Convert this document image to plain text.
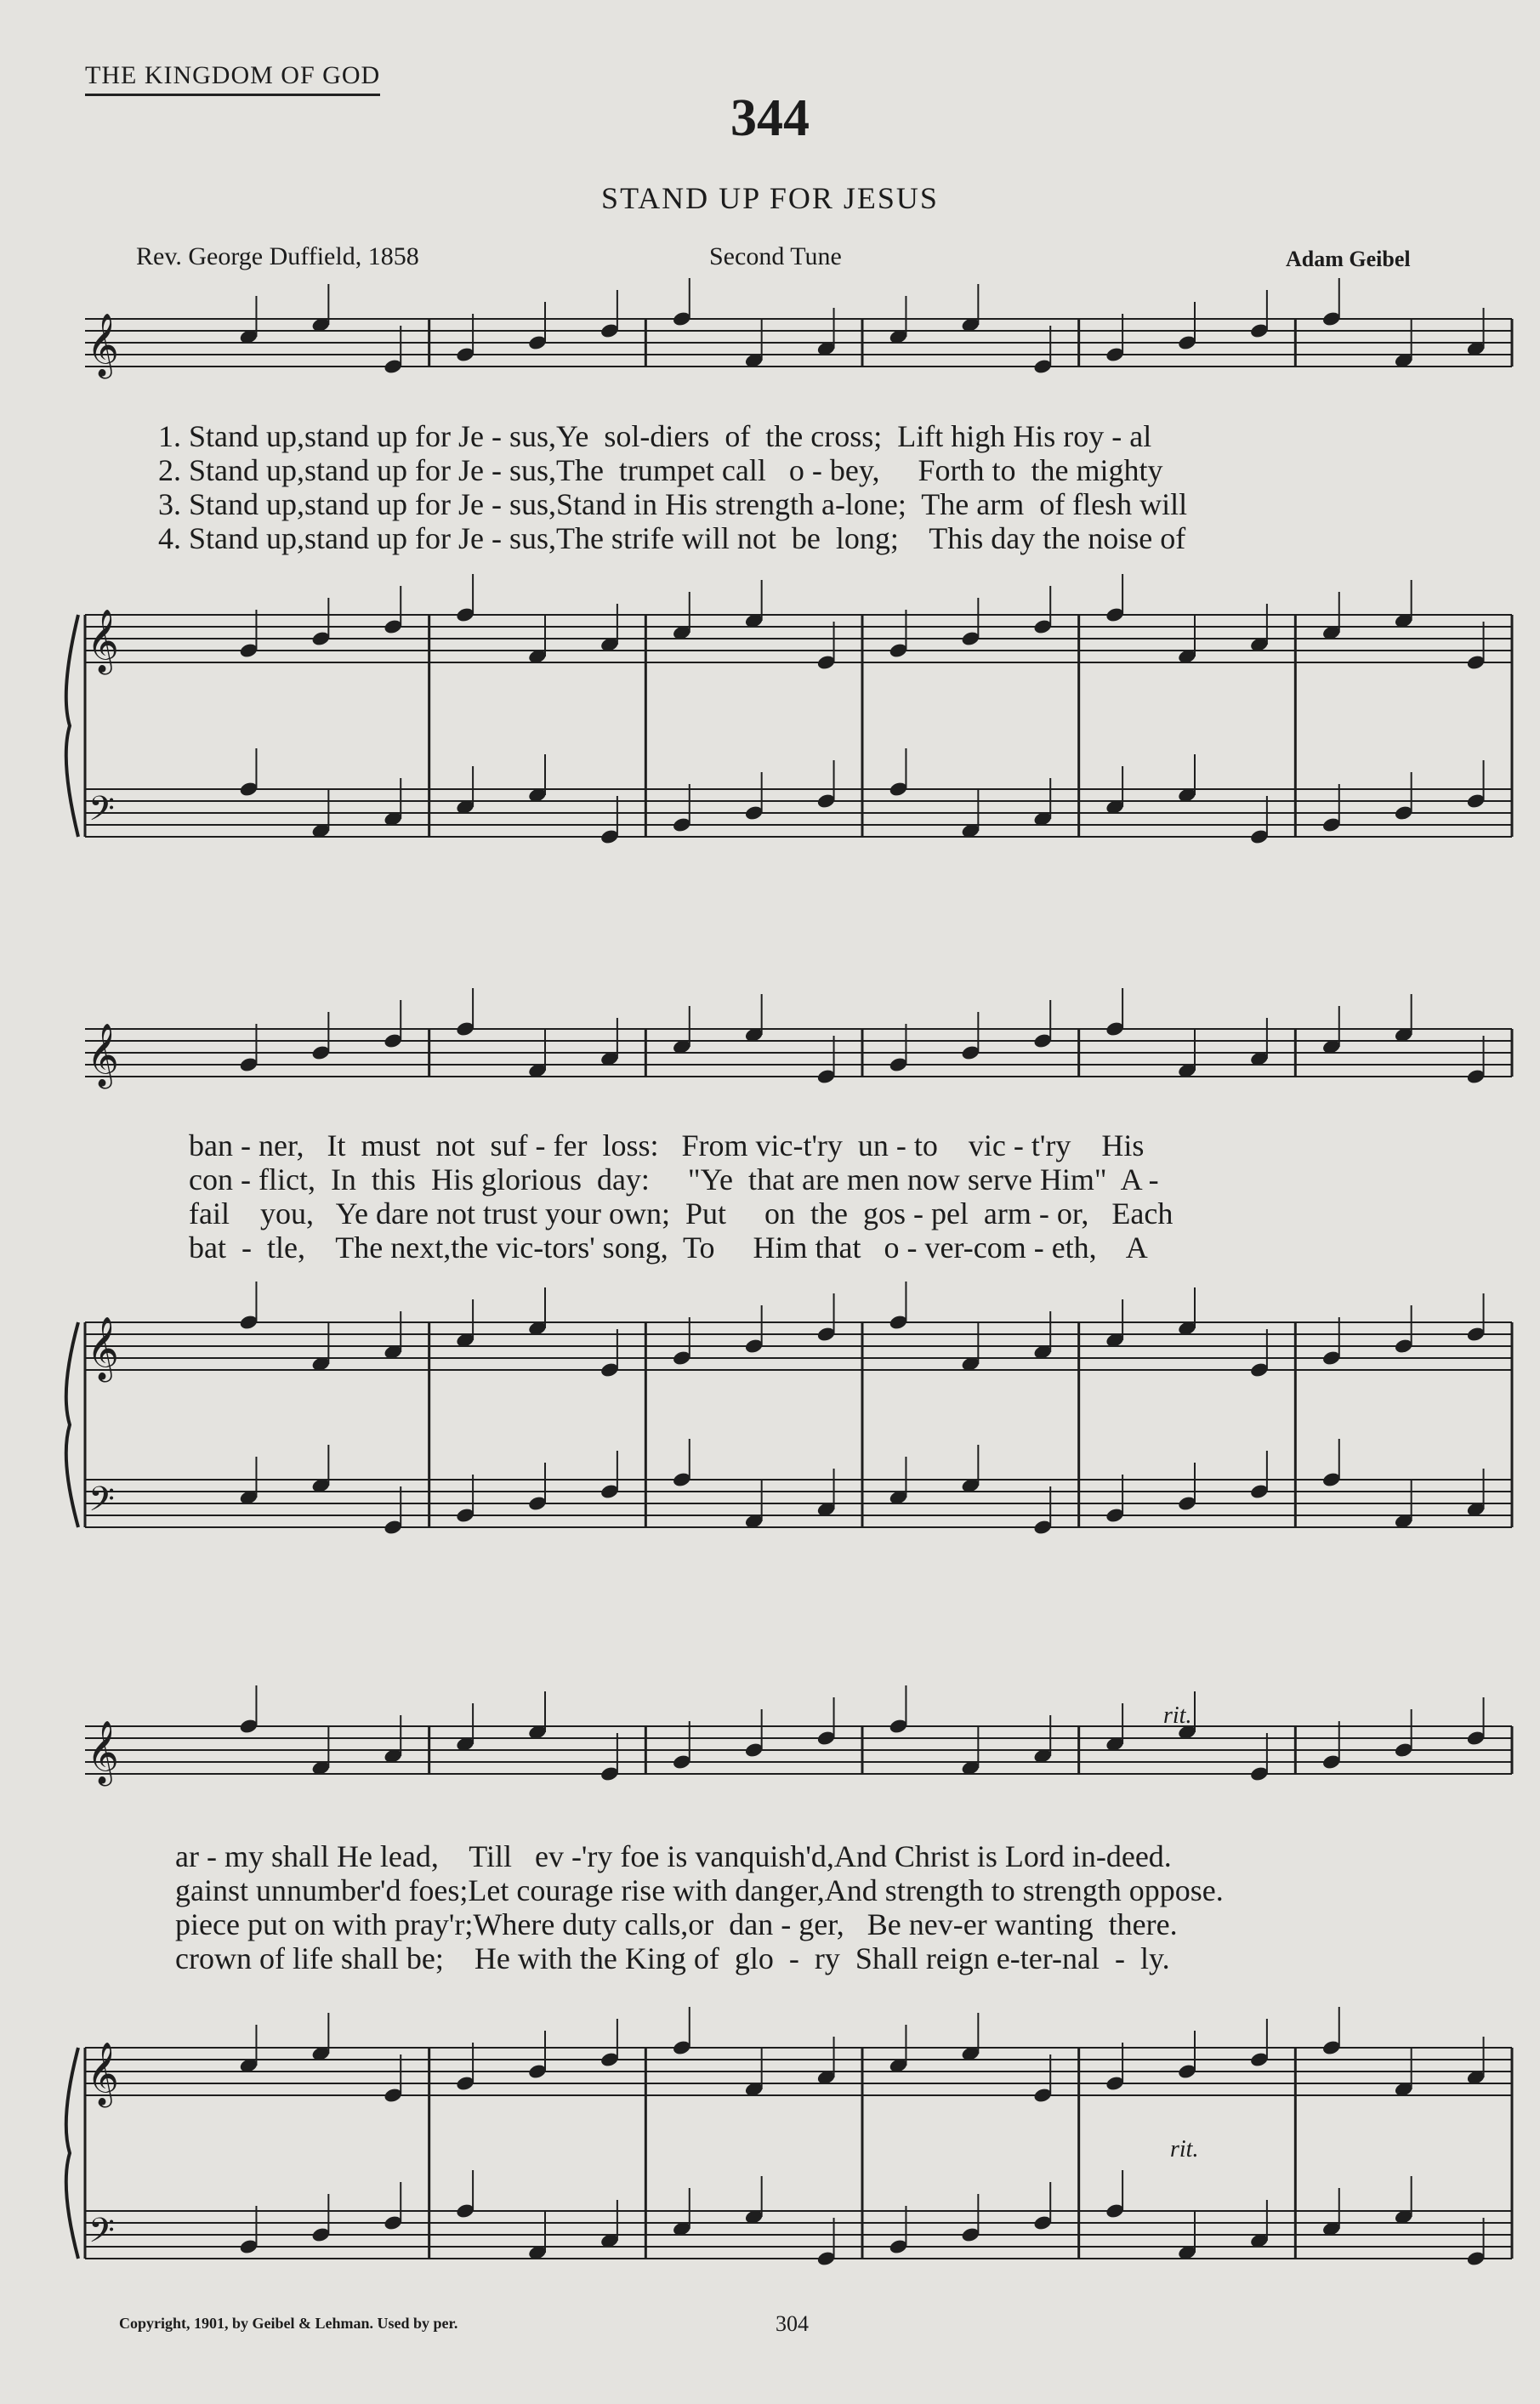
THE KINGDOM OF GOD
344
STAND UP FOR JESUS
Rev. George Duffield, 1858	Second Tune	Adam Geibel
𝄞
𝄞
𝄢
𝄞
𝄞
𝄢
𝄞
𝄞
𝄢
1. Stand up,stand up for Je - sus,Ye  sol-diers  of  the cross;  Lift high His roy - al
2. Stand up,stand up for Je - sus,The  trumpet call   o - bey,     Forth to  the mighty
3. Stand up,stand up for Je - sus,Stand in His strength a-lone;  The arm  of flesh will
4. Stand up,stand up for Je - sus,The strife will not  be  long;    This day the noise of
ban - ner,   It  must  not  suf - fer  loss:   From vic-t'ry  un - to    vic - t'ry    His
con - flict,  In  this  His glorious  day:     "Ye  that are men now serve Him"  A -
fail    you,   Ye dare not trust your own;  Put     on  the  gos - pel  arm - or,   Each
bat  -  tle,    The next,the vic-tors' song,  To     Him that   o - ver-com - eth,    A
ar - my shall He lead,    Till   ev -'ry foe is vanquish'd,And Christ is Lord in-deed.
gainst unnumber'd foes;Let courage rise with danger,And strength to strength oppose.
piece put on with pray'r;Where duty calls,or  dan - ger,   Be nev-er wanting  there.
crown of life shall be;    He with the King of  glo  -  ry  Shall reign e-ter-nal  -  ly.
rit.
rit.
Copyright, 1901, by Geibel & Lehman. Used by per.	304
